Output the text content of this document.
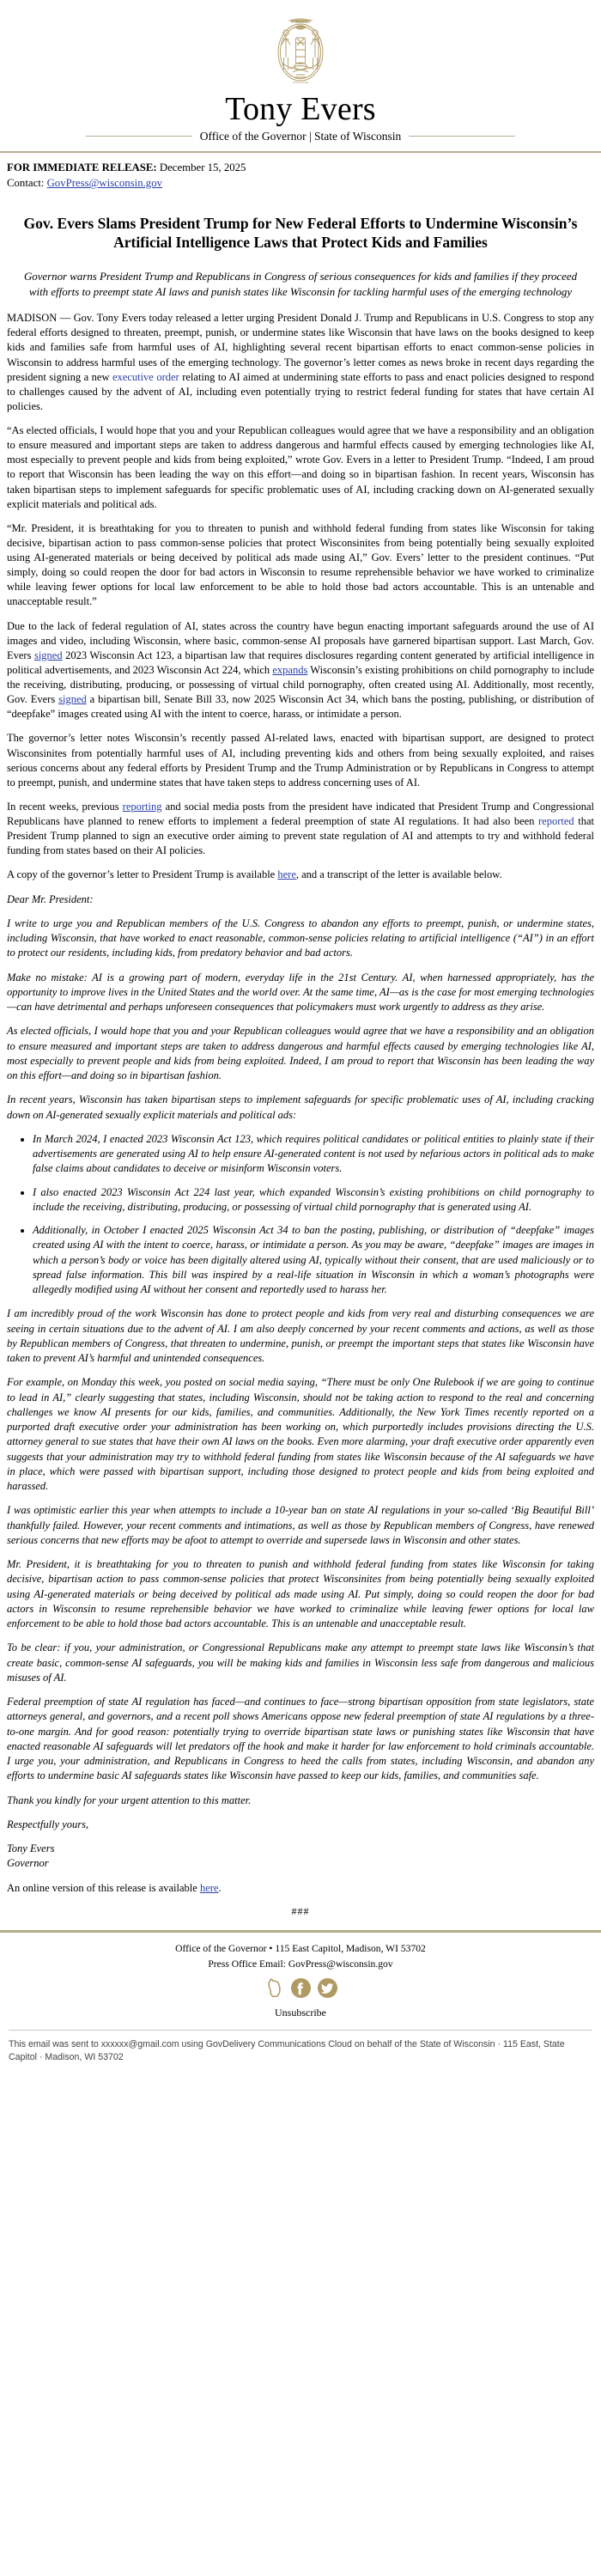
FORWARD
WISCONSIN
Tony Evers
Office of the Governor | State of Wisconsin
FOR IMMEDIATE RELEASE: December 15, 2025
Contact: GovPress@wisconsin.gov
Gov. Evers Slams President Trump for New Federal Efforts to Undermine Wisconsin’s Artificial Intelligence Laws that Protect Kids and Families
Governor warns President Trump and Republicans in Congress of serious consequences for kids and families if they proceed with efforts to preempt state AI laws and punish states like Wisconsin for tackling harmful uses of the emerging technology

MADISON — Gov. Tony Evers today released a letter urging President Donald J. Trump and Republicans in U.S. Congress to stop any federal efforts designed to threaten, preempt, punish, or undermine states like Wisconsin that have laws on the books designed to keep kids and families safe from harmful uses of AI, highlighting several recent bipartisan efforts to enact common-sense policies in Wisconsin to address harmful uses of the emerging technology. The governor’s letter comes as news broke in recent days regarding the president signing a new executive order relating to AI aimed at undermining state efforts to pass and enact policies designed to respond to challenges caused by the advent of AI, including even potentially trying to restrict federal funding for states that have certain AI policies.

“As elected officials, I would hope that you and your Republican colleagues would agree that we have a responsibility and an obligation to ensure measured and important steps are taken to address dangerous and harmful effects caused by emerging technologies like AI, most especially to prevent people and kids from being exploited,” wrote Gov. Evers in a letter to President Trump. “Indeed, I am proud to report that Wisconsin has been leading the way on this effort—and doing so in bipartisan fashion. In recent years, Wisconsin has taken bipartisan steps to implement safeguards for specific problematic uses of AI, including cracking down on AI-generated sexually explicit materials and political ads.

“Mr. President, it is breathtaking for you to threaten to punish and withhold federal funding from states like Wisconsin for taking decisive, bipartisan action to pass common-sense policies that protect Wisconsinites from being potentially being sexually exploited using AI-generated materials or being deceived by political ads made using AI,” Gov. Evers’ letter to the president continues. “Put simply, doing so could reopen the door for bad actors in Wisconsin to resume reprehensible behavior we have worked to criminalize while leaving fewer options for local law enforcement to be able to hold those bad actors accountable. This is an untenable and unacceptable result.”

Due to the lack of federal regulation of AI, states across the country have begun enacting important safeguards around the use of AI images and video, including Wisconsin, where basic, common-sense AI proposals have garnered bipartisan support. Last March, Gov. Evers signed 2023 Wisconsin Act 123, a bipartisan law that requires disclosures regarding content generated by artificial intelligence in political advertisements, and 2023 Wisconsin Act 224, which expands Wisconsin’s existing prohibitions on child pornography to include the receiving, distributing, producing, or possessing of virtual child pornography, often created using AI. Additionally, most recently, Gov. Evers signed a bipartisan bill, Senate Bill 33, now 2025 Wisconsin Act 34, which bans the posting, publishing, or distribution of “deepfake” images created using AI with the intent to coerce, harass, or intimidate a person.

The governor’s letter notes Wisconsin’s recently passed AI-related laws, enacted with bipartisan support, are designed to protect Wisconsinites from potentially harmful uses of AI, including preventing kids and others from being sexually exploited, and raises serious concerns about any federal efforts by President Trump and the Trump Administration or by Republicans in Congress to attempt to preempt, punish, and undermine states that have taken steps to address concerning uses of AI.

In recent weeks, previous reporting and social media posts from the president have indicated that President Trump and Congressional Republicans have planned to renew efforts to implement a federal preemption of state AI regulations. It had also been reported that President Trump planned to sign an executive order aiming to prevent state regulation of AI and attempts to try and withhold federal funding from states based on their AI policies.

A copy of the governor’s letter to President Trump is available here, and a transcript of the letter is available below.

Dear Mr. President:

I write to urge you and Republican members of the U.S. Congress to abandon any efforts to preempt, punish, or undermine states, including Wisconsin, that have worked to enact reasonable, common-sense policies relating to artificial intelligence (“AI”) in an effort to protect our residents, including kids, from predatory behavior and bad actors.

Make no mistake: AI is a growing part of modern, everyday life in the 21st Century. AI, when harnessed appropriately, has the opportunity to improve lives in the United States and the world over. At the same time, AI—as is the case for most emerging technologies—can have detrimental and perhaps unforeseen consequences that policymakers must work urgently to address as they arise.

As elected officials, I would hope that you and your Republican colleagues would agree that we have a responsibility and an obligation to ensure measured and important steps are taken to address dangerous and harmful effects caused by emerging technologies like AI, most especially to prevent people and kids from being exploited. Indeed, I am proud to report that Wisconsin has been leading the way on this effort—and doing so in bipartisan fashion.

In recent years, Wisconsin has taken bipartisan steps to implement safeguards for specific problematic uses of AI, including cracking down on AI-generated sexually explicit materials and political ads:

• In March 2024, I enacted 2023 Wisconsin Act 123, which requires political candidates or political entities to plainly state if their advertisements are generated using AI to help ensure AI-generated content is not used by nefarious actors in political ads to make false claims about candidates to deceive or misinform Wisconsin voters.
• I also enacted 2023 Wisconsin Act 224 last year, which expanded Wisconsin’s existing prohibitions on child pornography to include the receiving, distributing, producing, or possessing of virtual child pornography that is generated using AI.
• Additionally, in October I enacted 2025 Wisconsin Act 34 to ban the posting, publishing, or distribution of “deepfake” images created using AI with the intent to coerce, harass, or intimidate a person. As you may be aware, “deepfake” images are images in which a person’s body or voice has been digitally altered using AI, typically without their consent, that are used maliciously or to spread false information. This bill was inspired by a real-life situation in Wisconsin in which a woman’s photographs were allegedly modified using AI without her consent and reportedly used to harass her.

I am incredibly proud of the work Wisconsin has done to protect people and kids from very real and disturbing consequences we are seeing in certain situations due to the advent of AI. I am also deeply concerned by your recent comments and actions, as well as those by Republican members of Congress, that threaten to undermine, punish, or preempt the important steps that states like Wisconsin have taken to prevent AI’s harmful and unintended consequences.

For example, on Monday this week, you posted on social media saying, “There must be only One Rulebook if we are going to continue to lead in AI,” clearly suggesting that states, including Wisconsin, should not be taking action to respond to the real and concerning challenges we know AI presents for our kids, families, and communities. Additionally, the New York Times recently reported on a purported draft executive order your administration has been working on, which purportedly includes provisions directing the U.S. attorney general to sue states that have their own AI laws on the books. Even more alarming, your draft executive order apparently even suggests that your administration may try to withhold federal funding from states like Wisconsin because of the AI safeguards we have in place, which were passed with bipartisan support, including those designed to protect people and kids from being exploited and harassed.

I was optimistic earlier this year when attempts to include a 10-year ban on state AI regulations in your so-called ‘Big Beautiful Bill’ thankfully failed. However, your recent comments and intimations, as well as those by Republican members of Congress, have renewed serious concerns that new efforts may be afoot to attempt to override and supersede laws in Wisconsin and other states.

Mr. President, it is breathtaking for you to threaten to punish and withhold federal funding from states like Wisconsin for taking decisive, bipartisan action to pass common-sense policies that protect Wisconsinites from being potentially being sexually exploited using AI-generated materials or being deceived by political ads made using AI. Put simply, doing so could reopen the door for bad actors in Wisconsin to resume reprehensible behavior we have worked to criminalize while leaving fewer options for local law enforcement to be able to hold those bad actors accountable. This is an untenable and unacceptable result.

To be clear: if you, your administration, or Congressional Republicans make any attempt to preempt state laws like Wisconsin’s that create basic, common-sense AI safeguards, you will be making kids and families in Wisconsin less safe from dangerous and malicious misuses of AI.

Federal preemption of state AI regulation has faced—and continues to face—strong bipartisan opposition from state legislators, state attorneys general, and governors, and a recent poll shows Americans oppose new federal preemption of state AI regulations by a three-to-one margin. And for good reason: potentially trying to override bipartisan state laws or punishing states like Wisconsin that have enacted reasonable AI safeguards will let predators off the hook and make it harder for law enforcement to hold criminals accountable. I urge you, your administration, and Republicans in Congress to heed the calls from states, including Wisconsin, and abandon any efforts to undermine basic AI safeguards states like Wisconsin have passed to keep our kids, families, and communities safe.

Thank you kindly for your urgent attention to this matter.

Respectfully yours,

Tony Evers
Governor

An online version of this release is available here.

###
Office of the Governor • 115 East Capitol, Madison, WI 53702
Press Office Email: GovPress@wisconsin.gov
Unsubscribe
This email was sent to xxxxxx@gmail.com using GovDelivery Communications Cloud on behalf of the State of Wisconsin · 115 East, State Capitol · Madison, WI 53702
